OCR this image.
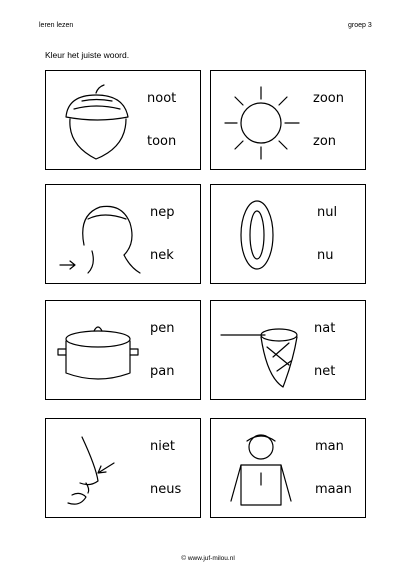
leren lezen	groep 3
Kleur het juiste woord.
noot
toon
zoon
zon
nep
nek
nul
nu
pen
pan
nat
net
niet
neus
man
maan
© www.juf-milou.nl
